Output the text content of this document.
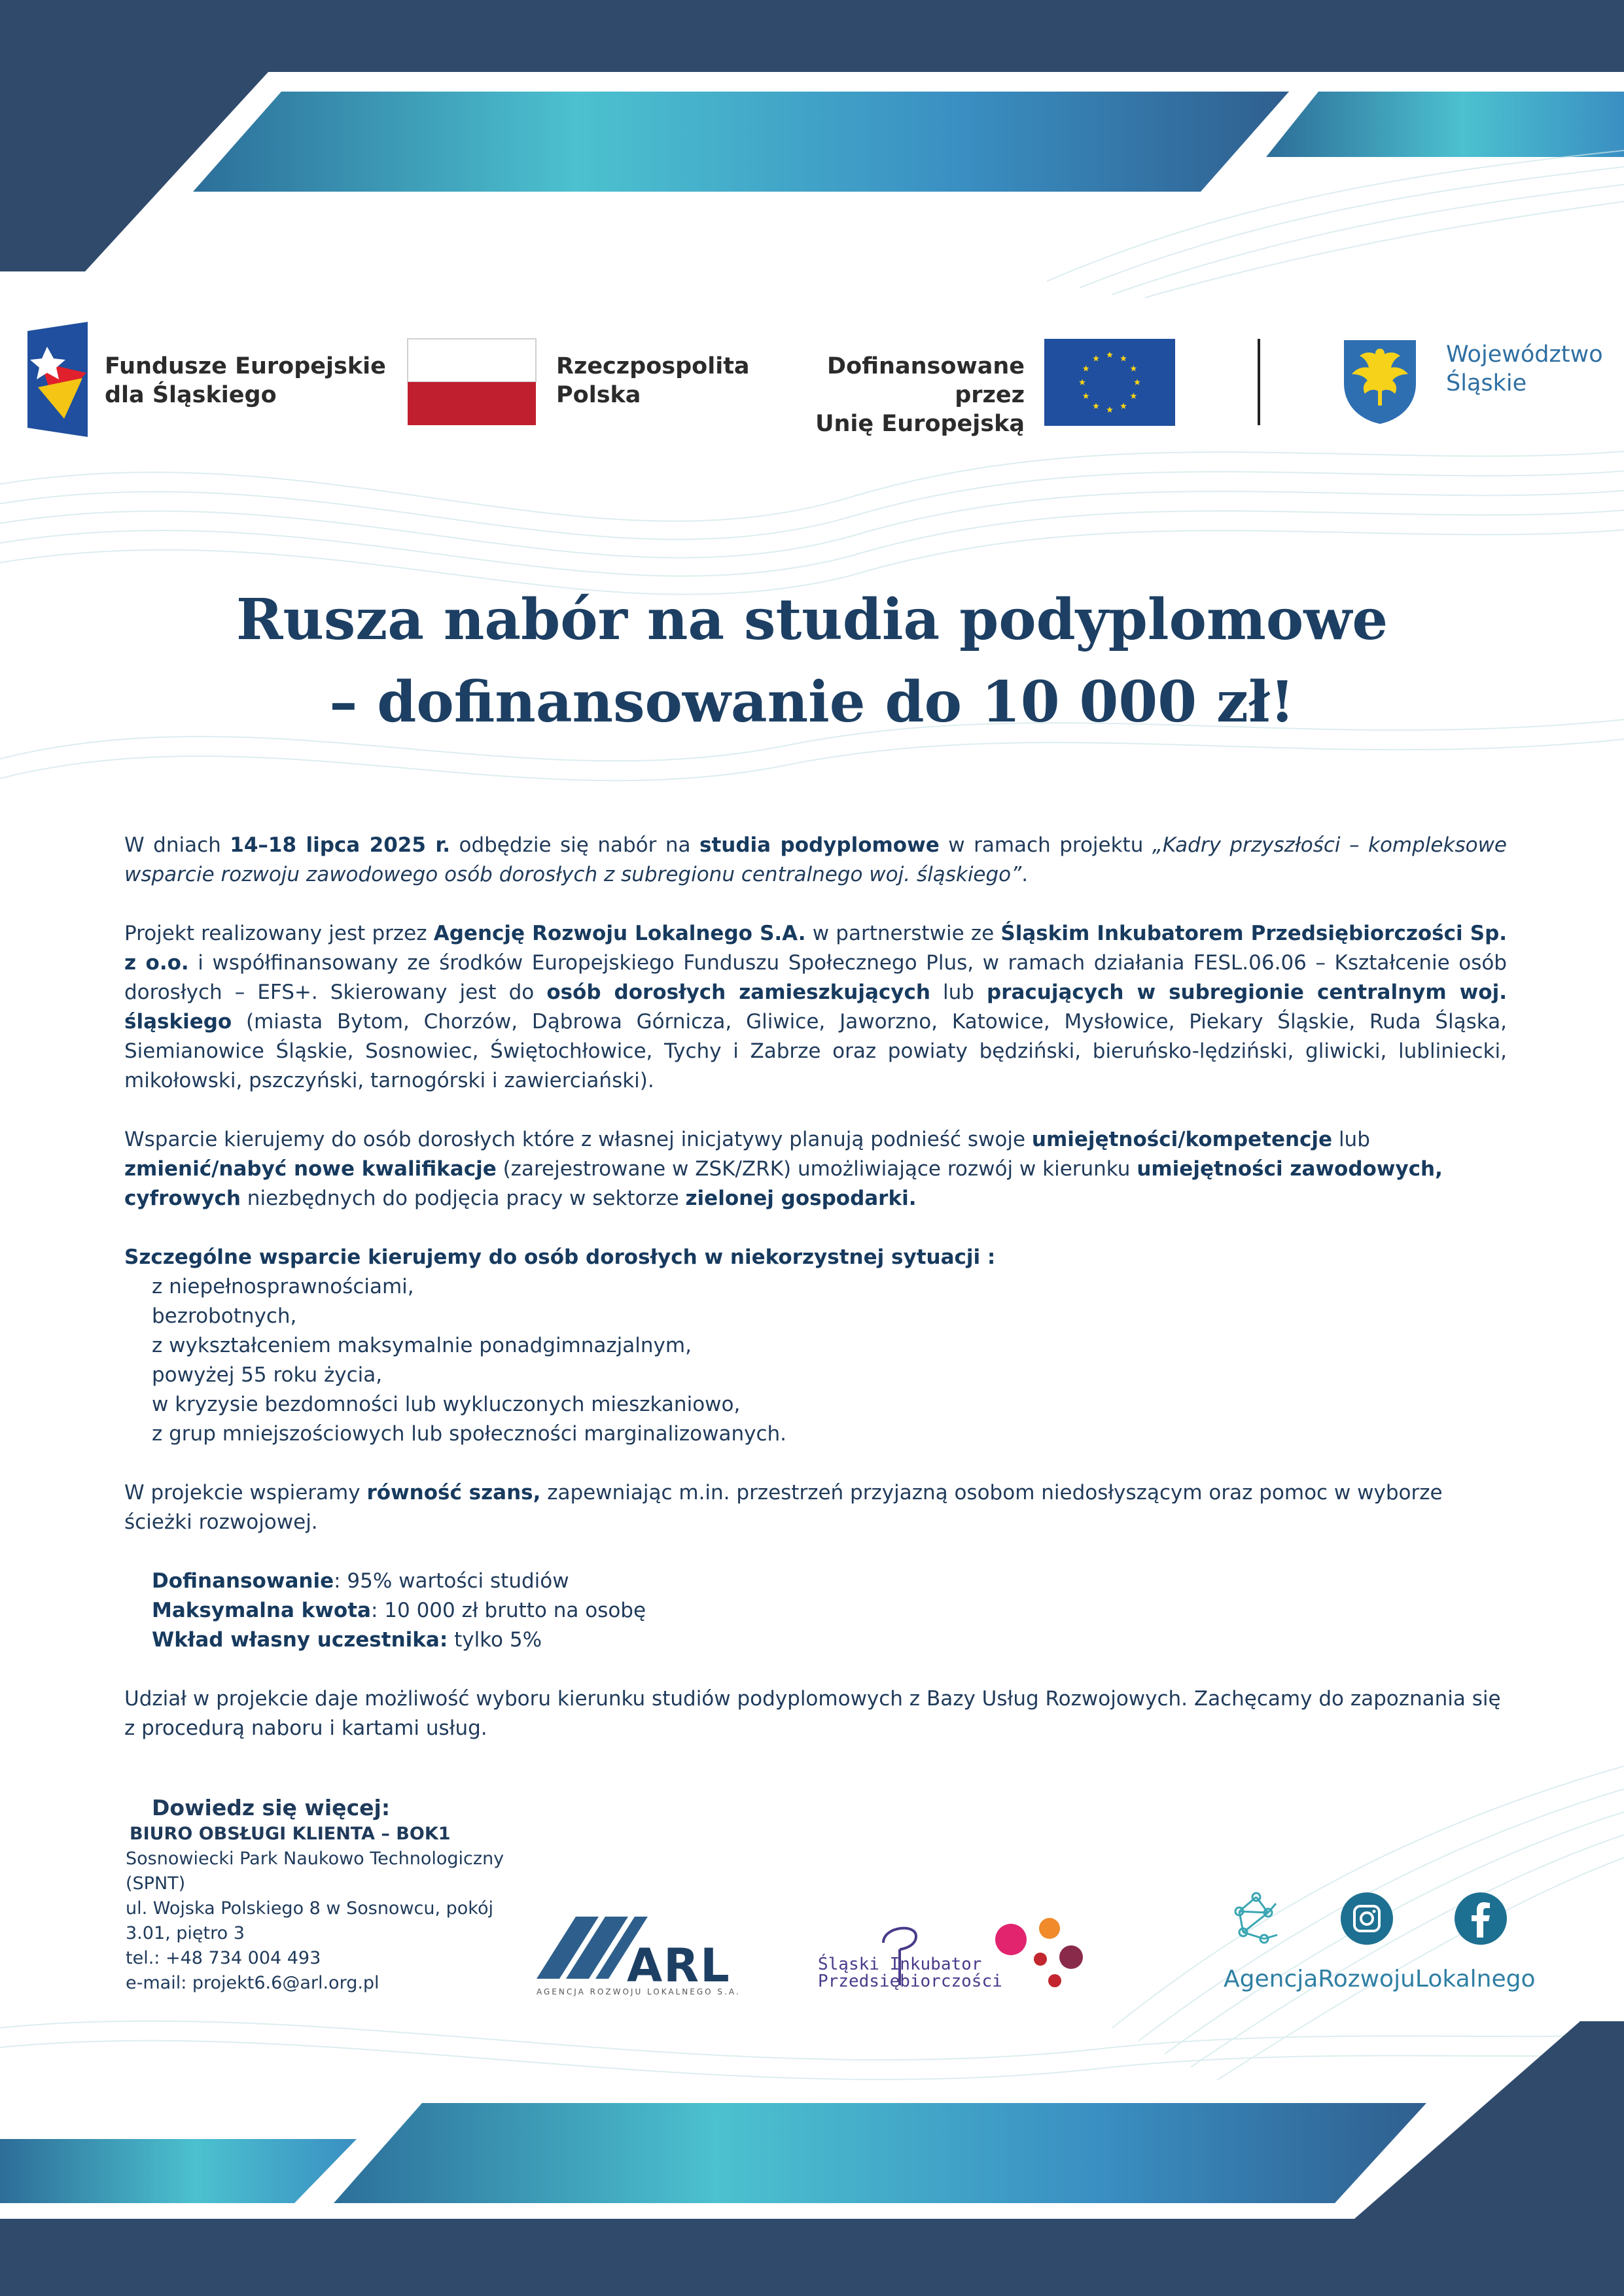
Fundusze Europejskie
dla Śląskiego
Rzeczpospolita
Polska
Dofinansowane przez
Unię Europejską
Województwo
Śląskie
Rusza nabór na studia podyplomowe
– dofinansowanie do 10 000 zł!

W dniach 14–18 lipca 2025 r. odbędzie się nabór na studia podyplomowe w ramach projektu „Kadry przyszłości – kompleksowe wsparcie rozwoju zawodowego osób dorosłych z subregionu centralnego woj. śląskiego”.

Projekt realizowany jest przez Agencję Rozwoju Lokalnego S.A. w partnerstwie ze Śląskim Inkubatorem Przedsiębiorczości Sp. z o.o. i współfinansowany ze środków Europejskiego Funduszu Społecznego Plus, w ramach działania FESL.06.06 – Kształcenie osób dorosłych – EFS+. Skierowany jest do osób dorosłych zamieszkujących lub pracujących w subregionie centralnym woj. śląskiego (miasta Bytom, Chorzów, Dąbrowa Górnicza, Gliwice, Jaworzno, Katowice, Mysłowice, Piekary Śląskie, Ruda Śląska, Siemianowice Śląskie, Sosnowiec, Świętochłowice, Tychy i Zabrze oraz powiaty będziński, bieruńsko-lędziński, gliwicki, lubliniecki, mikołowski, pszczyński, tarnogórski i zawierciański).

Wsparcie kierujemy do osób dorosłych które z własnej inicjatywy planują podnieść swoje umiejętności/kompetencje lub zmienić/nabyć nowe kwalifikacje (zarejestrowane w ZSK/ZRK) umożliwiające rozwój w kierunku umiejętności zawodowych, cyfrowych niezbędnych do podjęcia pracy w sektorze zielonej gospodarki.

Szczególne wsparcie kierujemy do osób dorosłych w niekorzystnej sytuacji :

z niepełnosprawnościami,
bezrobotnych,
z wykształceniem maksymalnie ponadgimnazjalnym,
powyżej 55 roku życia,
w kryzysie bezdomności lub wykluczonych mieszkaniowo,
z grup mniejszościowych lub społeczności marginalizowanych.

W projekcie wspieramy równość szans, zapewniając m.in. przestrzeń przyjazną osobom niedosłyszącym oraz pomoc w wyborze ścieżki rozwojowej.

Dofinansowanie: 95% wartości studiów
Maksymalna kwota: 10 000 zł brutto na osobę
Wkład własny uczestnika: tylko 5%

Udział w projekcie daje możliwość wyboru kierunku studiów podyplomowych z Bazy Usług Rozwojowych. Zachęcamy do zapoznania się z procedurą naboru i kartami usług.

Dowiedz się więcej:
BIURO OBSŁUGI KLIENTA – BOK1
Sosnowiecki Park Naukowo Technologiczny
(SPNT)
ul. Wojska Polskiego 8 w Sosnowcu, pokój
3.01, piętro 3
tel.: +48 734 004 493
e-mail: projekt6.6@arl.org.pl	ARL
AGENCJA ROZWOJU LOKALNEGO S.A.
Śląski Inkubator
Przedsiębiorczości	AgencjaRozwojuLokalnego
